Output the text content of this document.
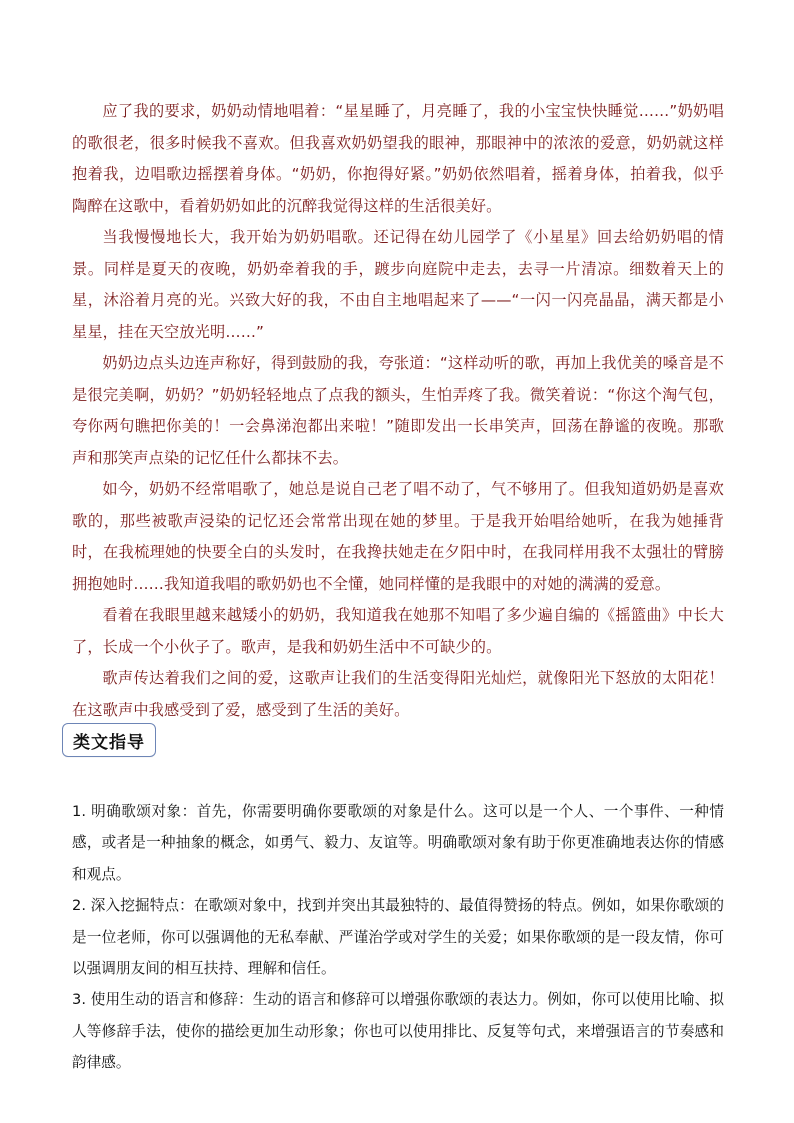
应了我的要求，奶奶动情地唱着：“星星睡了，月亮睡了，我的小宝宝快快睡觉……”奶奶唱的歌很老，很多时候我不喜欢。但我喜欢奶奶望我的眼神，那眼神中的浓浓的爱意，奶奶就这样抱着我，边唱歌边摇摆着身体。“奶奶，你抱得好紧。”奶奶依然唱着，摇着身体，拍着我，似乎陶醉在这歌中，看着奶奶如此的沉醉我觉得这样的生活很美好。

当我慢慢地长大，我开始为奶奶唱歌。还记得在幼儿园学了《小星星》回去给奶奶唱的情景。同样是夏天的夜晚，奶奶牵着我的手，踱步向庭院中走去，去寻一片清凉。细数着天上的星，沐浴着月亮的光。兴致大好的我，不由自主地唱起来了——“一闪一闪亮晶晶，满天都是小星星，挂在天空放光明……”

奶奶边点头边连声称好，得到鼓励的我，夸张道：“这样动听的歌，再加上我优美的嗓音是不是很完美啊，奶奶？”奶奶轻轻地点了点我的额头，生怕弄疼了我。微笑着说：“你这个淘气包，夸你两句瞧把你美的！一会鼻涕泡都出来啦！”随即发出一长串笑声，回荡在静谧的夜晚。那歌声和那笑声点染的记忆任什么都抹不去。

如今，奶奶不经常唱歌了，她总是说自己老了唱不动了，气不够用了。但我知道奶奶是喜欢歌的，那些被歌声浸染的记忆还会常常出现在她的梦里。于是我开始唱给她听，在我为她捶背时，在我梳理她的快要全白的头发时，在我搀扶她走在夕阳中时，在我同样用我不太强壮的臂膀拥抱她时……我知道我唱的歌奶奶也不全懂，她同样懂的是我眼中的对她的满满的爱意。

看着在我眼里越来越矮小的奶奶，我知道我在她那不知唱了多少遍自编的《摇篮曲》中长大了，长成一个小伙子了。歌声，是我和奶奶生活中不可缺少的。

歌声传达着我们之间的爱，这歌声让我们的生活变得阳光灿烂，就像阳光下怒放的太阳花！在这歌声中我感受到了爱，感受到了生活的美好。

类文指导

1. 明确歌颂对象：首先，你需要明确你要歌颂的对象是什么。这可以是一个人、一个事件、一种情感，或者是一种抽象的概念，如勇气、毅力、友谊等。明确歌颂对象有助于你更准确地表达你的情感和观点。

2. 深入挖掘特点：在歌颂对象中，找到并突出其最独特的、最值得赞扬的特点。例如，如果你歌颂的是一位老师，你可以强调他的无私奉献、严谨治学或对学生的关爱；如果你歌颂的是一段友情，你可以强调朋友间的相互扶持、理解和信任。

3. 使用生动的语言和修辞：生动的语言和修辞可以增强你歌颂的表达力。例如，你可以使用比喻、拟人等修辞手法，使你的描绘更加生动形象；你也可以使用排比、反复等句式，来增强语言的节奏感和韵律感。
